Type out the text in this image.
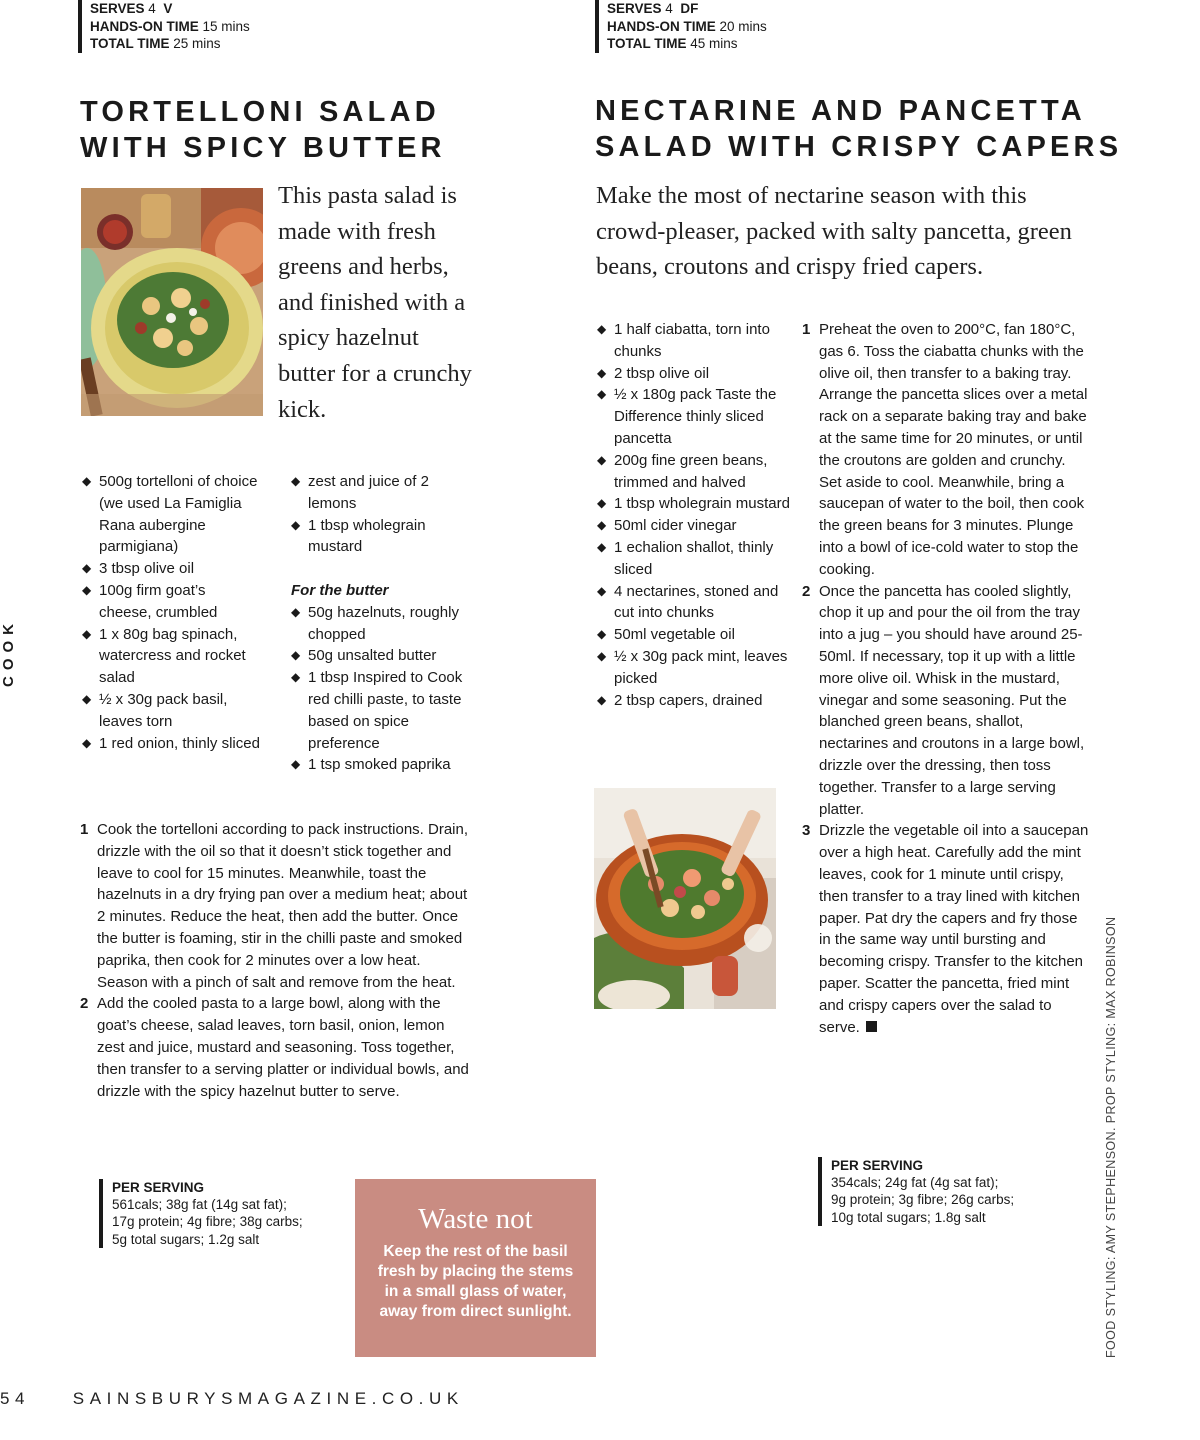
SERVES 4 V
HANDS-ON TIME 15 mins
TOTAL TIME 25 mins
TORTELLONI SALAD
WITH SPICY BUTTER
This pasta salad is made with fresh greens and herbs, and finished with a spicy hazelnut butter for a crunchy kick.
◆ 500g tortelloni of choice (we used La Famiglia Rana aubergine parmigiana)
◆ 3 tbsp olive oil
◆ 100g firm goat’s cheese, crumbled
◆ 1 x 80g bag spinach, watercress and rocket salad
◆ ½ x 30g pack basil, leaves torn
◆ 1 red onion, thinly sliced
◆ zest and juice of 2 lemons
◆ 1 tbsp wholegrain mustard
For the butter
◆ 50g hazelnuts, roughly chopped
◆ 50g unsalted butter
◆ 1 tbsp Inspired to Cook red chilli paste, to taste based on spice preference
◆ 1 tsp smoked paprika
1 Cook the tortelloni according to pack instructions. Drain, drizzle with the oil so that it doesn’t stick together and leave to cool for 15 minutes. Meanwhile, toast the hazelnuts in a dry frying pan over a medium heat; about 2 minutes. Reduce the heat, then add the butter. Once the butter is foaming, stir in the chilli paste and smoked paprika, then cook for 2 minutes over a low heat. Season with a pinch of salt and remove from the heat.
2 Add the cooled pasta to a large bowl, along with the goat’s cheese, salad leaves, torn basil, onion, lemon zest and juice, mustard and seasoning. Toss together, then transfer to a serving platter or individual bowls, and drizzle with the spicy hazelnut butter to serve.
PER SERVING
561cals; 38g fat (14g sat fat);
17g protein; 4g fibre; 38g carbs;
5g total sugars; 1.2g salt
Waste not
Keep the rest of the basil fresh by placing the stems in a small glass of water, away from direct sunlight.
SERVES 4 DF
HANDS-ON TIME 20 mins
TOTAL TIME 45 mins
NECTARINE AND PANCETTA
SALAD WITH CRISPY CAPERS
Make the most of nectarine season with this crowd-pleaser, packed with salty pancetta, green beans, croutons and crispy fried capers.
◆ 1 half ciabatta, torn into chunks
◆ 2 tbsp olive oil
◆ ½ x 180g pack Taste the Difference thinly sliced pancetta
◆ 200g fine green beans, trimmed and halved
◆ 1 tbsp wholegrain mustard
◆ 50ml cider vinegar
◆ 1 echalion shallot, thinly sliced
◆ 4 nectarines, stoned and cut into chunks
◆ 50ml vegetable oil
◆ ½ x 30g pack mint, leaves picked
◆ 2 tbsp capers, drained
1 Preheat the oven to 200°C, fan 180°C, gas 6. Toss the ciabatta chunks with the olive oil, then transfer to a baking tray. Arrange the pancetta slices over a metal rack on a separate baking tray and bake at the same time for 20 minutes, or until the croutons are golden and crunchy. Set aside to cool. Meanwhile, bring a saucepan of water to the boil, then cook the green beans for 3 minutes. Plunge into a bowl of ice-cold water to stop the cooking.
2 Once the pancetta has cooled slightly, chop it up and pour the oil from the tray into a jug – you should have around 25-50ml. If necessary, top it up with a little more olive oil. Whisk in the mustard, vinegar and some seasoning. Put the blanched green beans, shallot, nectarines and croutons in a large bowl, drizzle over the dressing, then toss together. Transfer to a large serving platter.
3 Drizzle the vegetable oil into a saucepan over a high heat. Carefully add the mint leaves, cook for 1 minute until crispy, then transfer to a tray lined with kitchen paper. Pat dry the capers and fry those in the same way until bursting and becoming crispy. Transfer to the kitchen paper. Scatter the pancetta, fried mint and crispy capers over the salad to serve.
PER SERVING
354cals; 24g fat (4g sat fat);
9g protein; 3g fibre; 26g carbs;
10g total sugars; 1.8g salt
COOK
FOOD STYLING: AMY STEPHENSON. PROP STYLING: MAX ROBINSON
54	SAINSBURYSMAGAZINE.CO.UK
